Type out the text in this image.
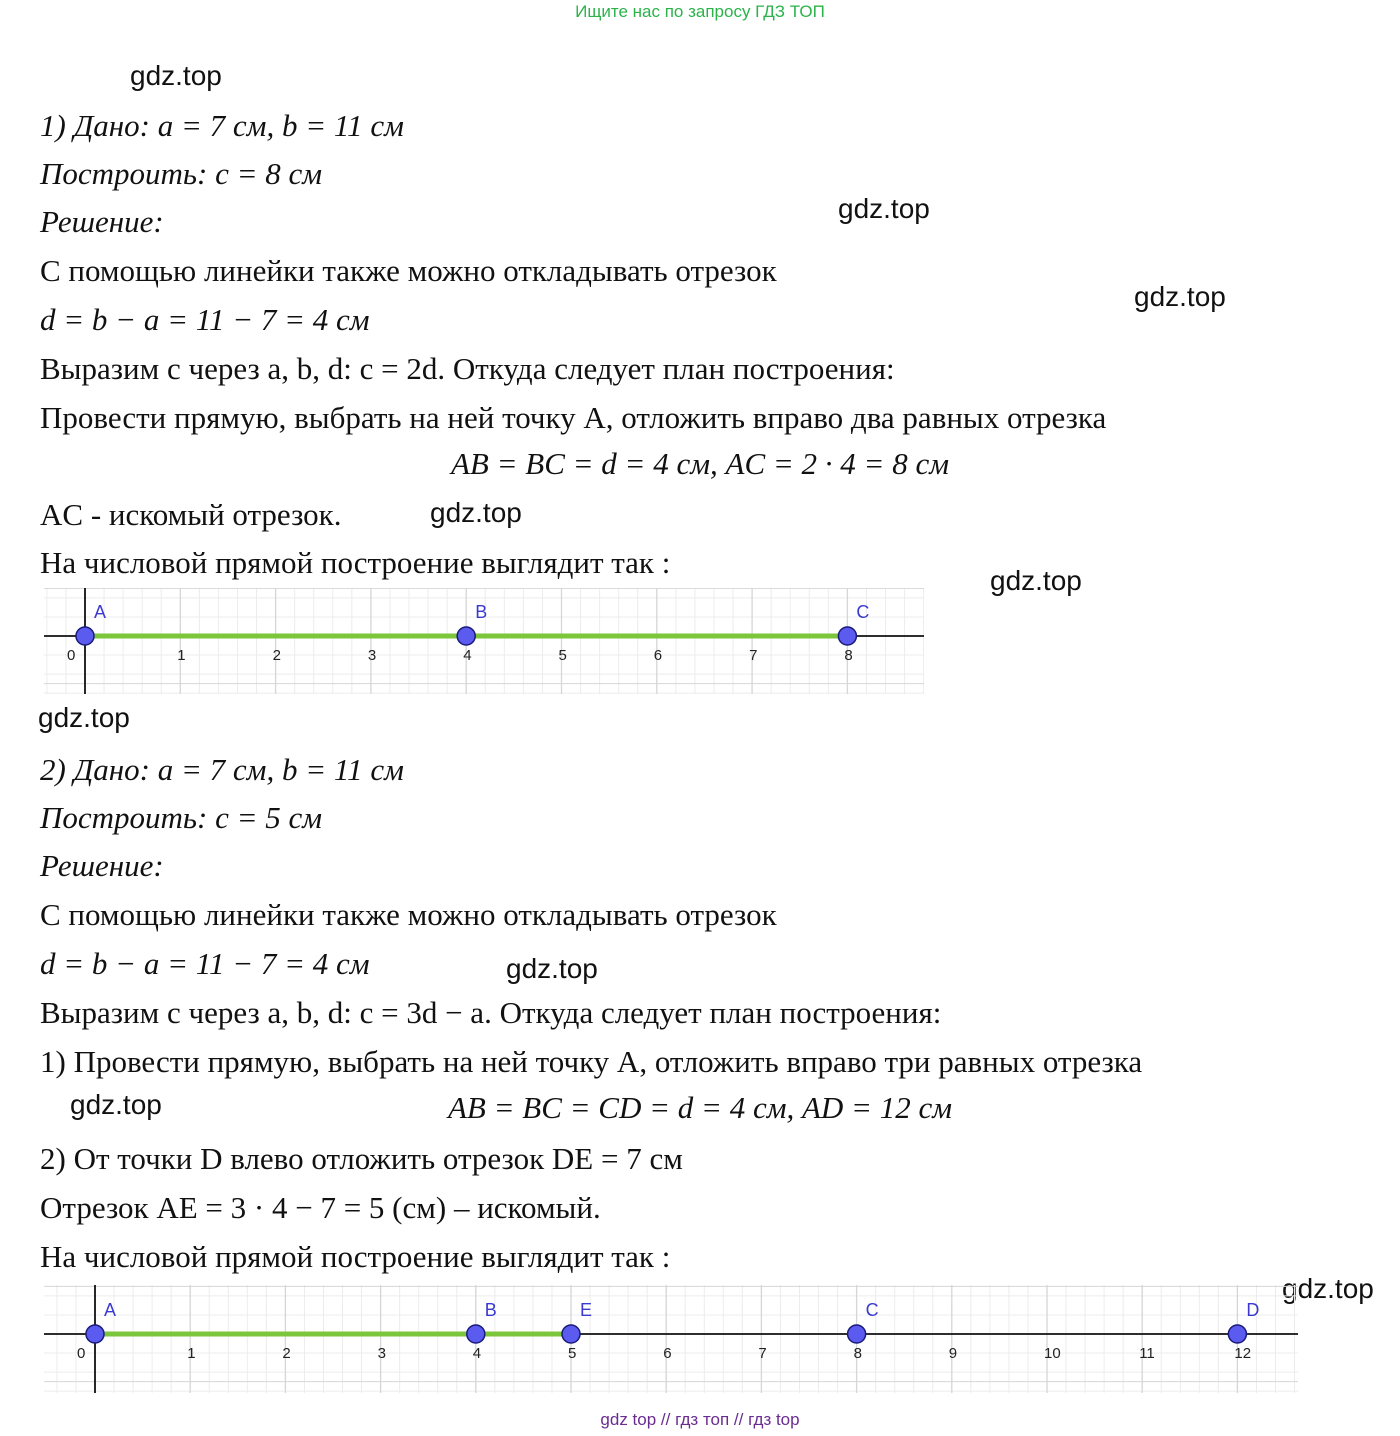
Ищите нас по запросу ГДЗ ТОП
gdz.top
gdz.top
gdz.top
gdz.top
gdz.top
gdz.top
gdz.top
gdz.top
gdz.top
1) Дано: a = 7 см, b = 11 см
Построить: c = 8 см
Решение:
С помощью линейки также можно откладывать отрезок
d = b − a = 11 − 7 = 4 см
Выразим c через a, b, d: c = 2d. Откуда следует план построения:
Провести прямую, выбрать на ней точку A, отложить вправо два равных отрезка
AB = BC = d = 4 см, AC = 2 · 4 = 8 см
AC - искомый отрезок.
На числовой прямой построение выглядит так :
0	1	2	3	4	5	6	7	8
A	B	C
2) Дано: a = 7 см, b = 11 см
Построить: c = 5 см
Решение:
С помощью линейки также можно откладывать отрезок
d = b − a = 11 − 7 = 4 см
Выразим c через a, b, d: c = 3d − a. Откуда следует план построения:
1) Провести прямую, выбрать на ней точку A, отложить вправо три равных отрезка
AB = BC = CD = d = 4 см, AD = 12 см
2) От точки D влево отложить отрезок DE = 7 см
Отрезок AE = 3 · 4 − 7 = 5 (см) – искомый.
На числовой прямой построение выглядит так :
0	1	2	3	4	5	6	7	8	9	10	11	12
A	B	E	C	D
gdz top // гдз топ // гдз top
